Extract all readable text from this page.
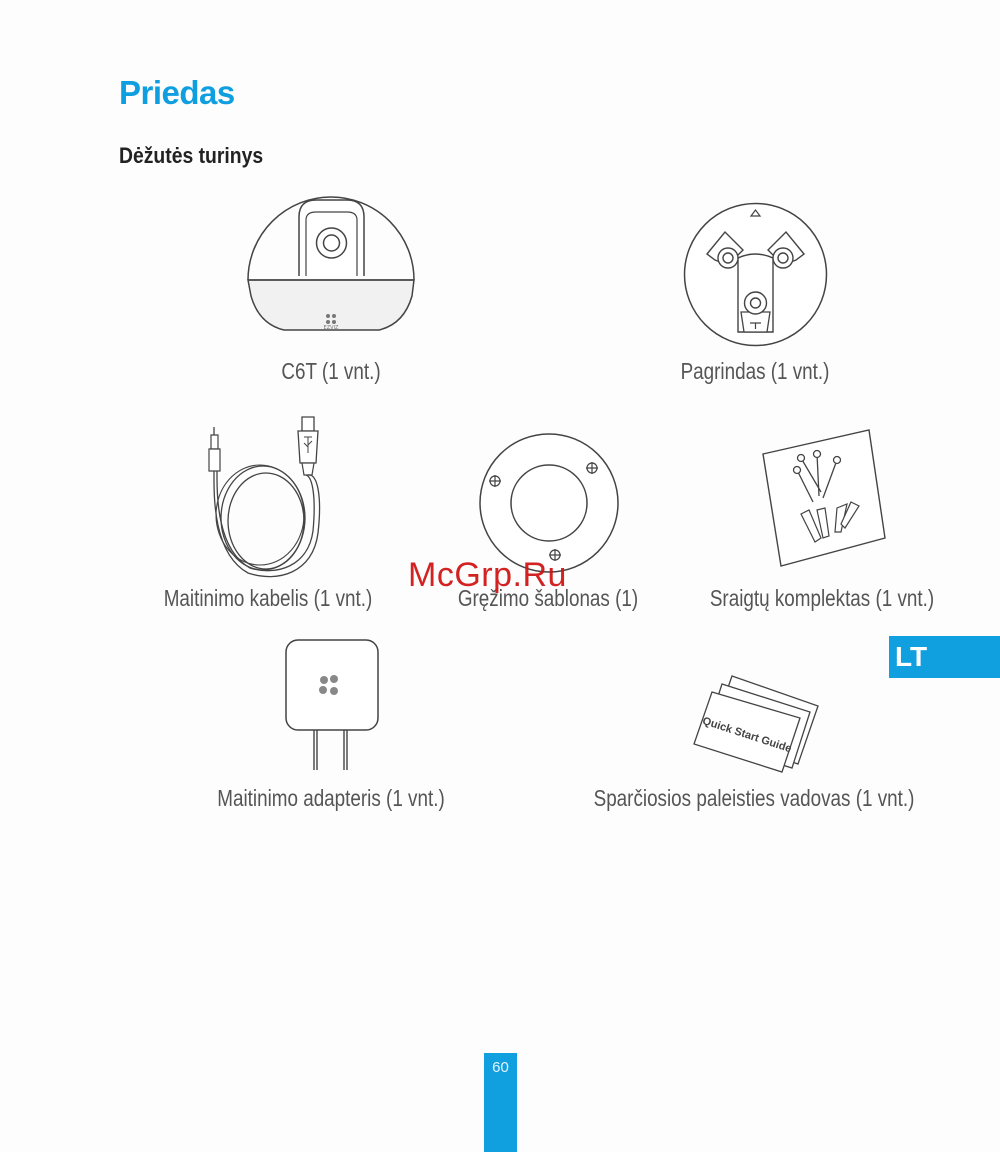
Priedas
Dėžutės turinys
EZVIZ
C6T (1 vnt.)	Pagrindas (1 vnt.)
Maitinimo kabelis (1 vnt.)	Gręžimo šablonas (1)	Sraigtų komplektas (1 vnt.)
Maitinimo adapteris (1 vnt.)
Quick Start Guide
Sparčiosios paleisties vadovas (1 vnt.)
McGrp.Ru
LT
60
